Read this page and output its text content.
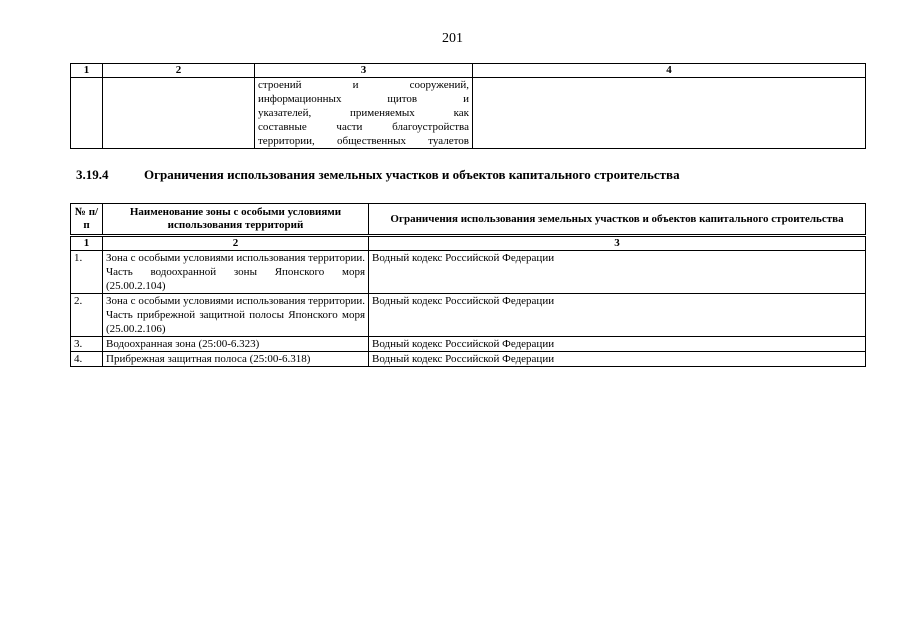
201
1	2	3	4

		строений и сооружений,
информационных щитов и
указателей, применяемых как
составные части благоустройства
территории, общественных туалетов	

3.19.4	Ограничения использования земельных участков и объектов капитального строительства
№ п/п	Наименование зоны с особыми условиями использования территорий	Ограничения использования земельных участков и объектов капитального строительства
1	2	3
1.	Зона с особыми условиями использования территории. Часть водоохранной зоны Японского моря (25.00.2.104)	Водный кодекс Российской Федерации
2.	Зона с особыми условиями использования территории. Часть прибрежной защитной полосы Японского моря (25.00.2.106)	Водный кодекс Российской Федерации
3.	Водоохранная зона (25:00-6.323)	Водный кодекс Российской Федерации
4.	Прибрежная защитная полоса (25:00-6.318)	Водный кодекс Российской Федерации
